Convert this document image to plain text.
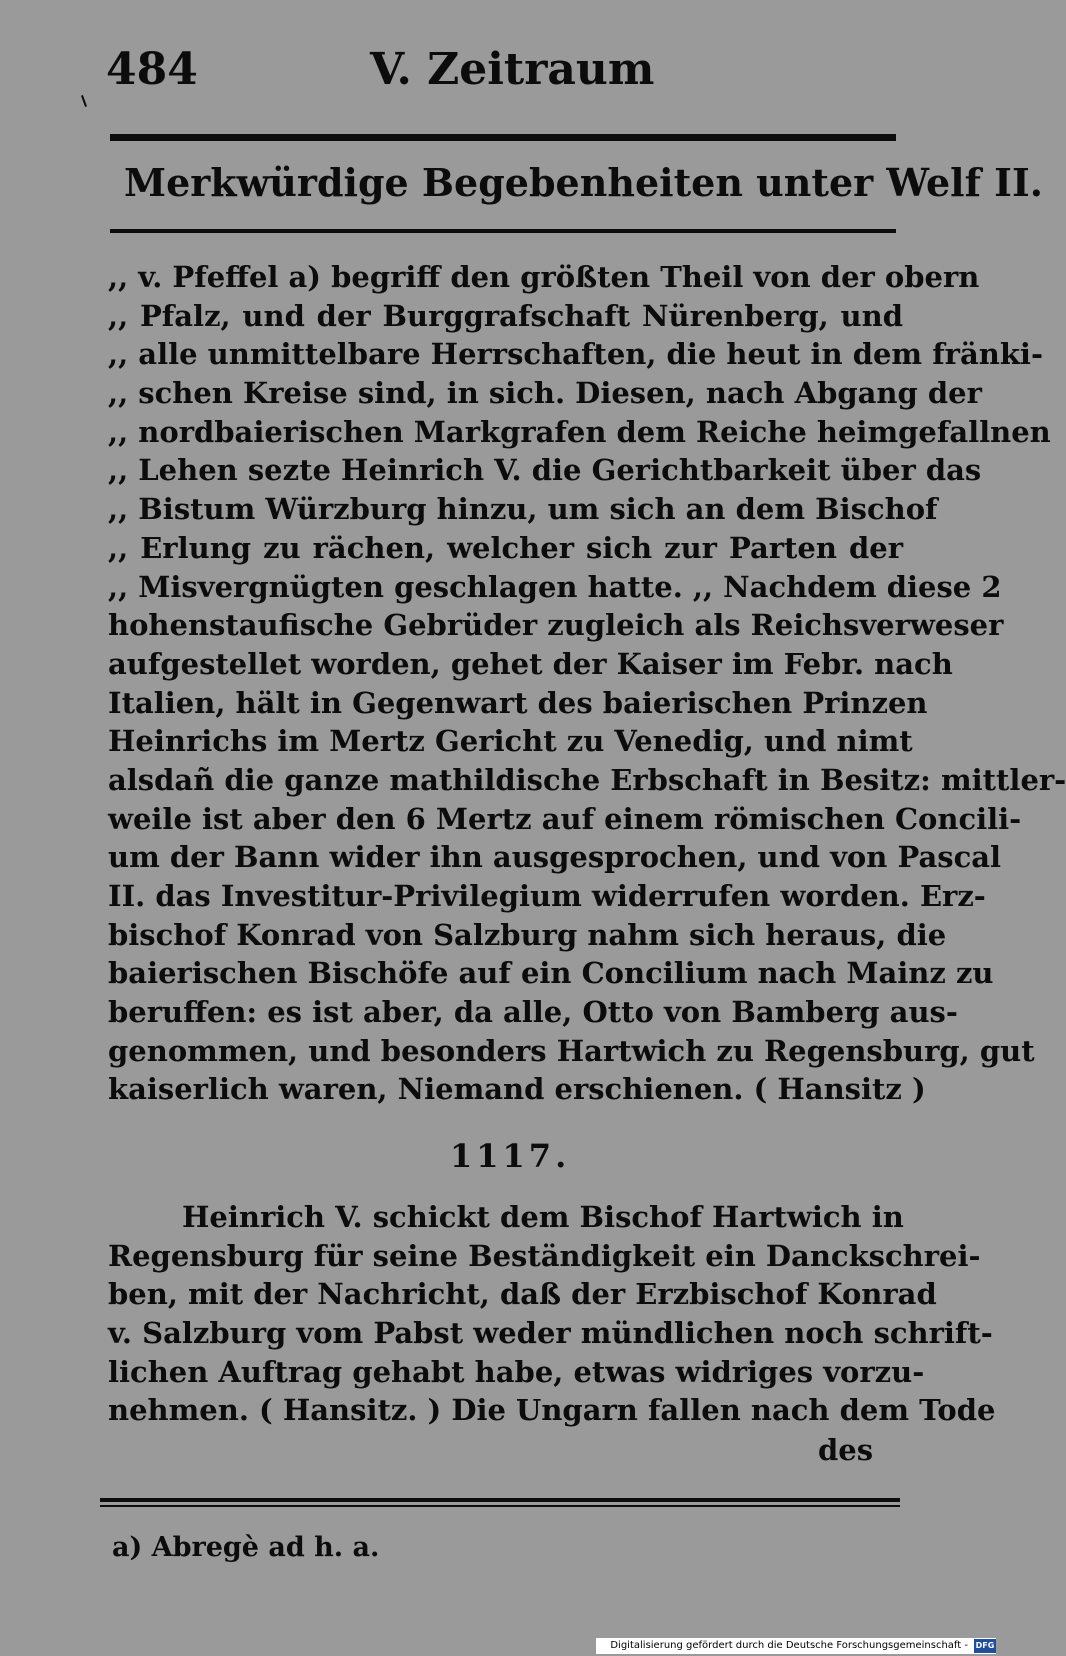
484	V. Zeitraum
Merkwürdige Begebenheiten unter Welf II.
,, v. Pfeffel a) begriff den größten Theil von der obern
,, Pfalz, und der Burggrafschaft Nürenberg, und
,, alle unmittelbare Herrschaften, die heut in dem fränki-
,, schen Kreise sind, in sich. Diesen, nach Abgang der
,, nordbaierischen Markgrafen dem Reiche heimgefallnen
,, Lehen sezte Heinrich V. die Gerichtbarkeit über das
,, Bistum Würzburg hinzu, um sich an dem Bischof
,, Erlung zu rächen, welcher sich zur Parten der
,, Misvergnügten geschlagen hatte. ,, Nachdem diese 2
hohenstaufische Gebrüder zugleich als Reichsverweser
aufgestellet worden, gehet der Kaiser im Febr. nach
Italien, hält in Gegenwart des baierischen Prinzen
Heinrichs im Mertz Gericht zu Venedig, und nimt
alsdañ die ganze mathildische Erbschaft in Besitz: mittler-
weile ist aber den 6 Mertz auf einem römischen Concili-
um der Bann wider ihn ausgesprochen, und von Pascal
II. das Investitur-Privilegium widerrufen worden. Erz-
bischof Konrad von Salzburg nahm sich heraus, die
baierischen Bischöfe auf ein Concilium nach Mainz zu
beruffen: es ist aber, da alle, Otto von Bamberg aus-
genommen, und besonders Hartwich zu Regensburg, gut
kaiserlich waren, Niemand erschienen. ( Hansitz )
1117.
Heinrich V. schickt dem Bischof Hartwich in
Regensburg für seine Beständigkeit ein Danckschrei-
ben, mit der Nachricht, daß der Erzbischof Konrad
v. Salzburg vom Pabst weder mündlichen noch schrift-
lichen Auftrag gehabt habe, etwas widriges vorzu-
nehmen. ( Hansitz. ) Die Ungarn fallen nach dem Tode
des
a) Abregè ad h. a.
Digitalisierung gefördert durch die Deutsche Forschungsgemeinschaft - DFG
